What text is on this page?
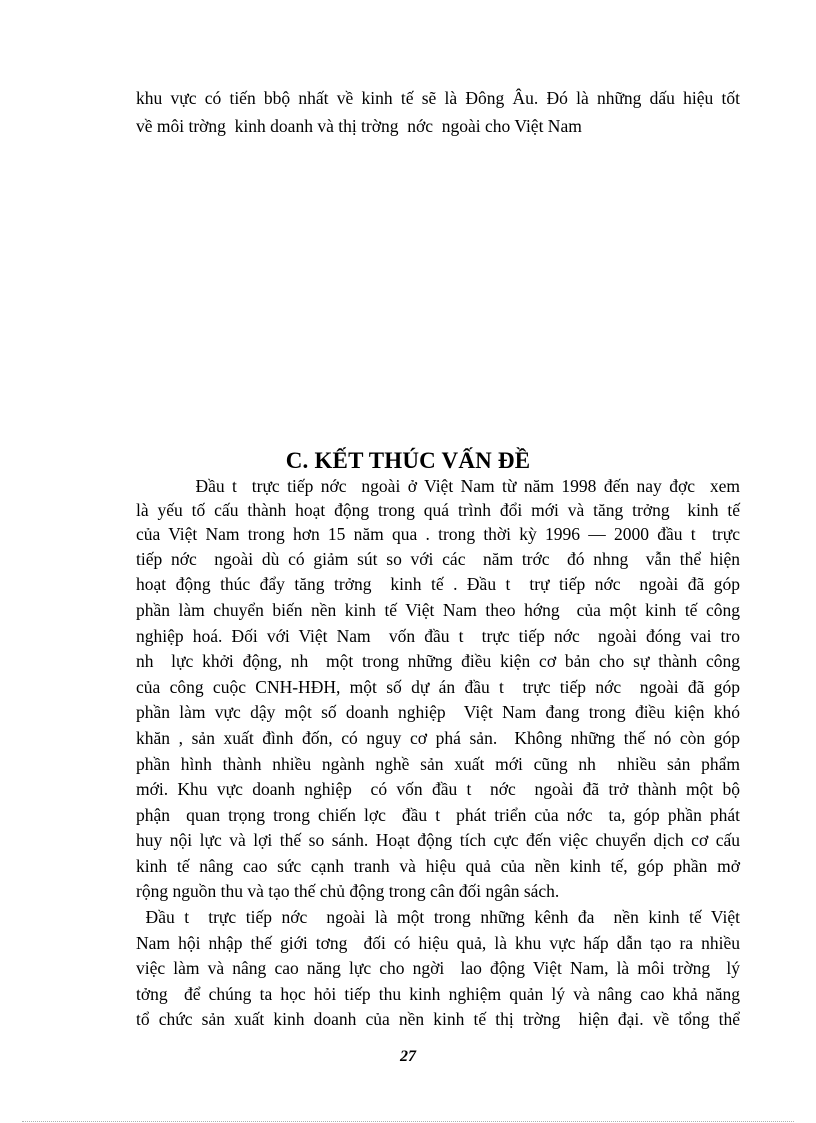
khu vực có tiến bbộ nhất về kinh tế sẽ là Đông Âu. Đó là những dấu hiệu tốt
về môi trờng  kinh doanh và thị trờng  nớc  ngoài cho Việt Nam
C. KẾT THÚC VẤN ĐỀ
Đầu t  trực tiếp nớc  ngoài ở Việt Nam từ năm 1998 đến nay đợc  xem
là yếu tố cấu thành hoạt động trong quá trình đổi mới và tăng trởng  kinh tế
của Việt Nam trong hơn 15 năm qua . trong thời kỳ 1996 — 2000 đầu t  trực
tiếp nớc  ngoài dù có giảm sút so với các  năm trớc  đó nhng  vẫn thể hiện
hoạt động thúc đẩy tăng trởng  kinh tế . Đầu t  trự tiếp nớc  ngoài đã góp
phần làm chuyển biến nền kinh tế Việt Nam theo hớng  của một kinh tế công
nghiệp hoá. Đối với Việt Nam  vốn đầu t  trực tiếp nớc  ngoài đóng vai tro
nh  lực khởi động, nh  một trong những điều kiện cơ bản cho sự thành công
của công cuộc CNH-HĐH, một số dự án đầu t  trực tiếp nớc  ngoài đã góp
phần làm vực dậy một số doanh nghiệp  Việt Nam đang trong điều kiện khó
khăn , sản xuất đình đốn, có nguy cơ phá sản.  Không những thế nó còn góp
phần hình thành nhiều ngành nghề sản xuất mới cũng nh  nhiều sản phẩm
mới. Khu vực doanh nghiệp  có vốn đầu t  nớc  ngoài đã trở thành một bộ
phận  quan trọng trong chiến lợc  đầu t  phát triển của nớc  ta, góp phần phát
huy nội lực và lợi thế so sánh. Hoạt động tích cực đến việc chuyển dịch cơ cấu
kinh tế nâng cao sức cạnh tranh và hiệu quả của nền kinh tế, góp phần mở
rộng nguồn thu và tạo thế chủ động trong cân đối ngân sách.
Đầu t  trực tiếp nớc  ngoài là một trong những kênh đa  nền kinh tế Việt
Nam hội nhập thế giới tơng  đối có hiệu quả, là khu vực hấp dẫn tạo ra nhiều
việc làm và nâng cao năng lực cho ngời  lao động Việt Nam, là môi trờng  lý
tởng  để chúng ta học hỏi tiếp thu kinh nghiệm quản lý và nâng cao khả năng
tổ chức sản xuất kinh doanh của nền kinh tế thị trờng  hiện đại. về tổng thể
27
